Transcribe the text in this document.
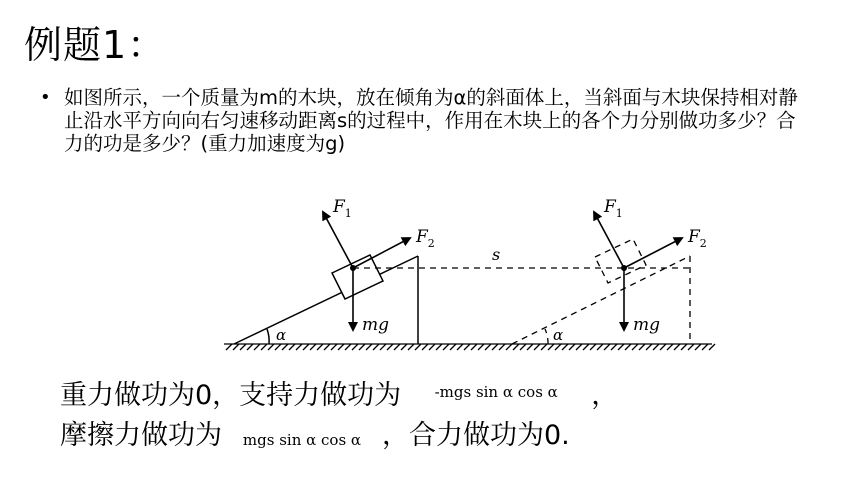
例题1：
• 如图所示，一个质量为m的木块，放在倾角为α的斜面体上，当斜面与木块保持相对静止沿水平方向向右匀速移动距离s的过程中，作用在木块上的各个力分别做功多少？合力的功是多少？(重力加速度为g)
$F_1$
$F_2$
mg
α
s
$F_1$
$F_2$
mg
α
重力做功为0，支持力做功为 -mgs sin α cos α ，
摩擦力做功为 mgs sin α cos α ，合力做功为0.
